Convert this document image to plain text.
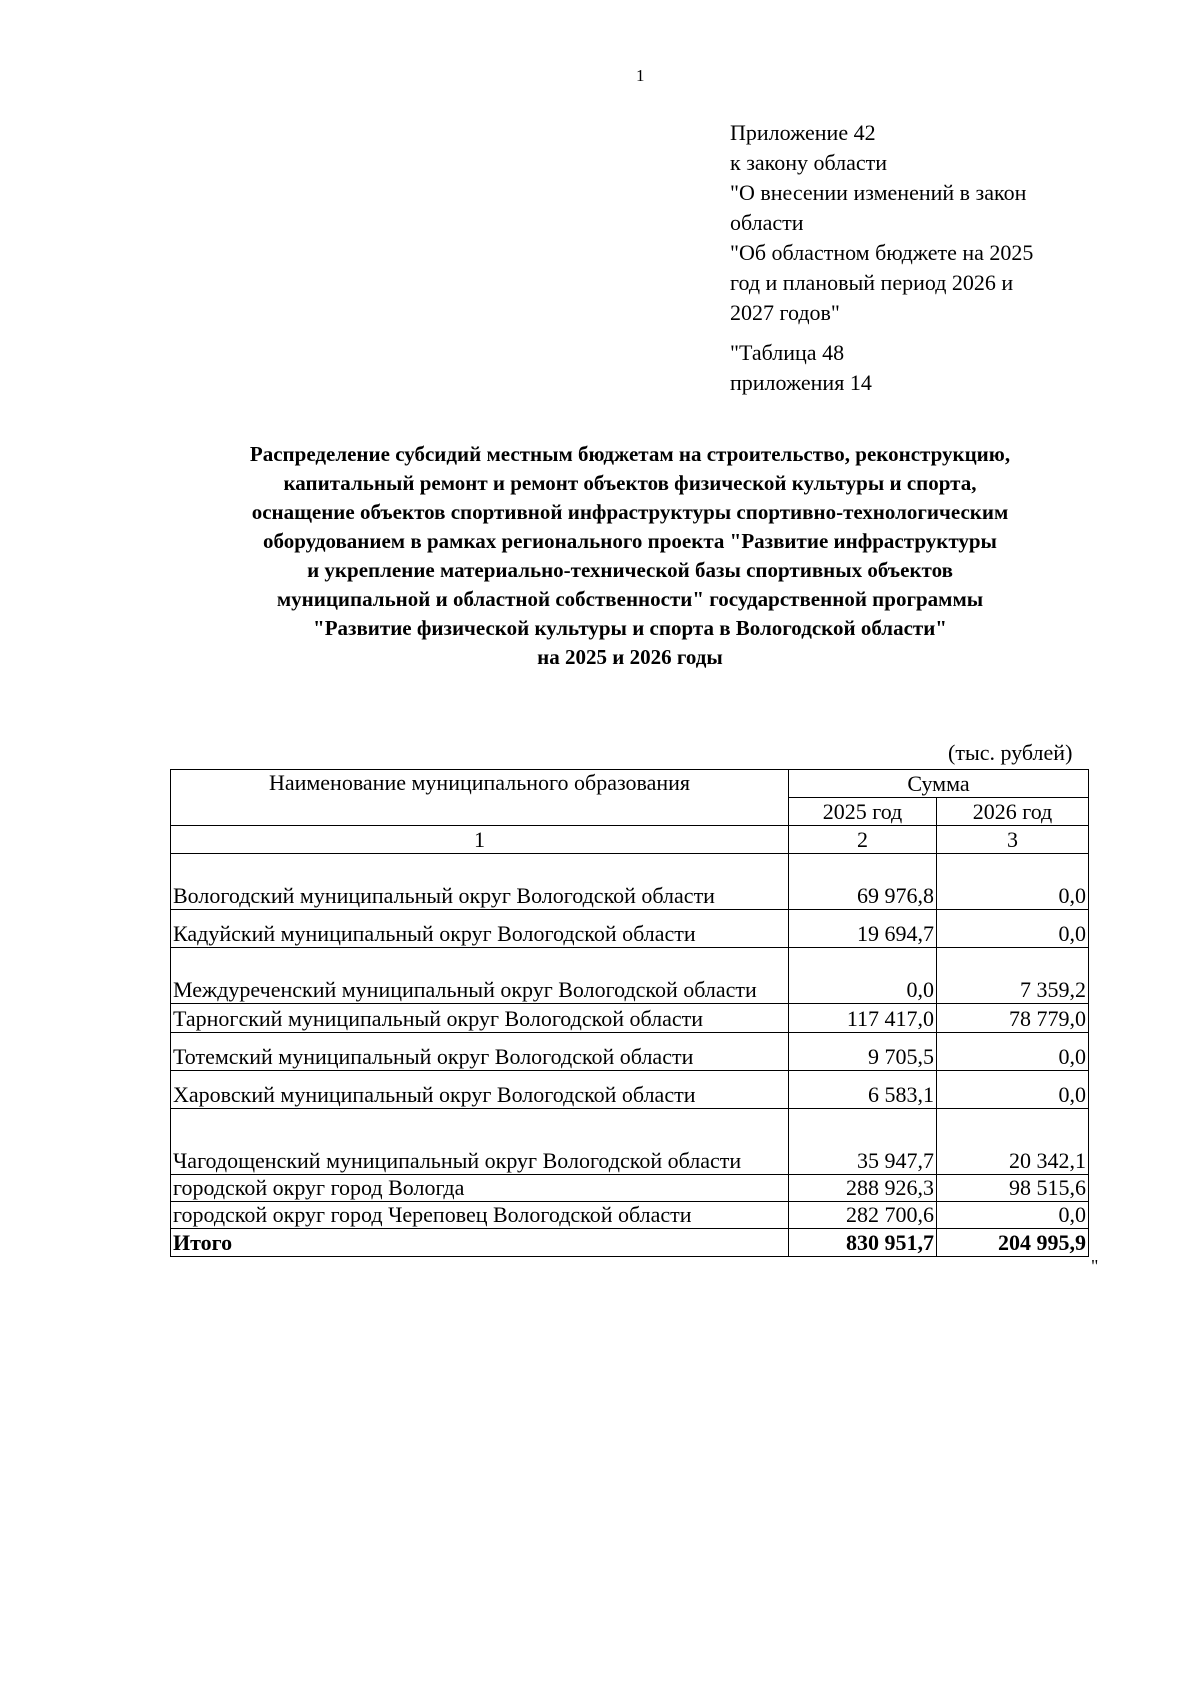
1
Приложение 42
к закону области
"О внесении изменений в закон
области
"Об областном бюджете на 2025
год и плановый период 2026 и
2027 годов"
"Таблица 48
приложения 14
Распределение субсидий местным бюджетам на строительство, реконструкцию,
капитальный ремонт и ремонт объектов физической культуры и спорта,
оснащение объектов спортивной инфраструктуры спортивно-технологическим
оборудованием в рамках регионального проекта "Развитие инфраструктуры
и укрепление материально-технической базы спортивных объектов
муниципальной и областной собственности" государственной программы
"Развитие физической культуры и спорта в Вологодской области"
на 2025 и 2026 годы
(тыс. рублей)
Наименование муниципального образования	Сумма	
	2025 год	2026 год
1	2	3
Вологодский муниципальный округ Вологодской области	69 976,8	0,0
Кадуйский муниципальный округ Вологодской области	19 694,7	0,0
Междуреченский муниципальный округ Вологодской области	0,0	7 359,2
Тарногский муниципальный округ Вологодской области	117 417,0	78 779,0
Тотемский муниципальный округ Вологодской области	9 705,5	0,0
Харовский муниципальный округ Вологодской области	6 583,1	0,0
Чагодощенский муниципальный округ Вологодской области	35 947,7	20 342,1
городской округ город Вологда	288 926,3	98 515,6
городской округ город Череповец Вологодской области	282 700,6	0,0
Итого	830 951,7	204 995,9
"
